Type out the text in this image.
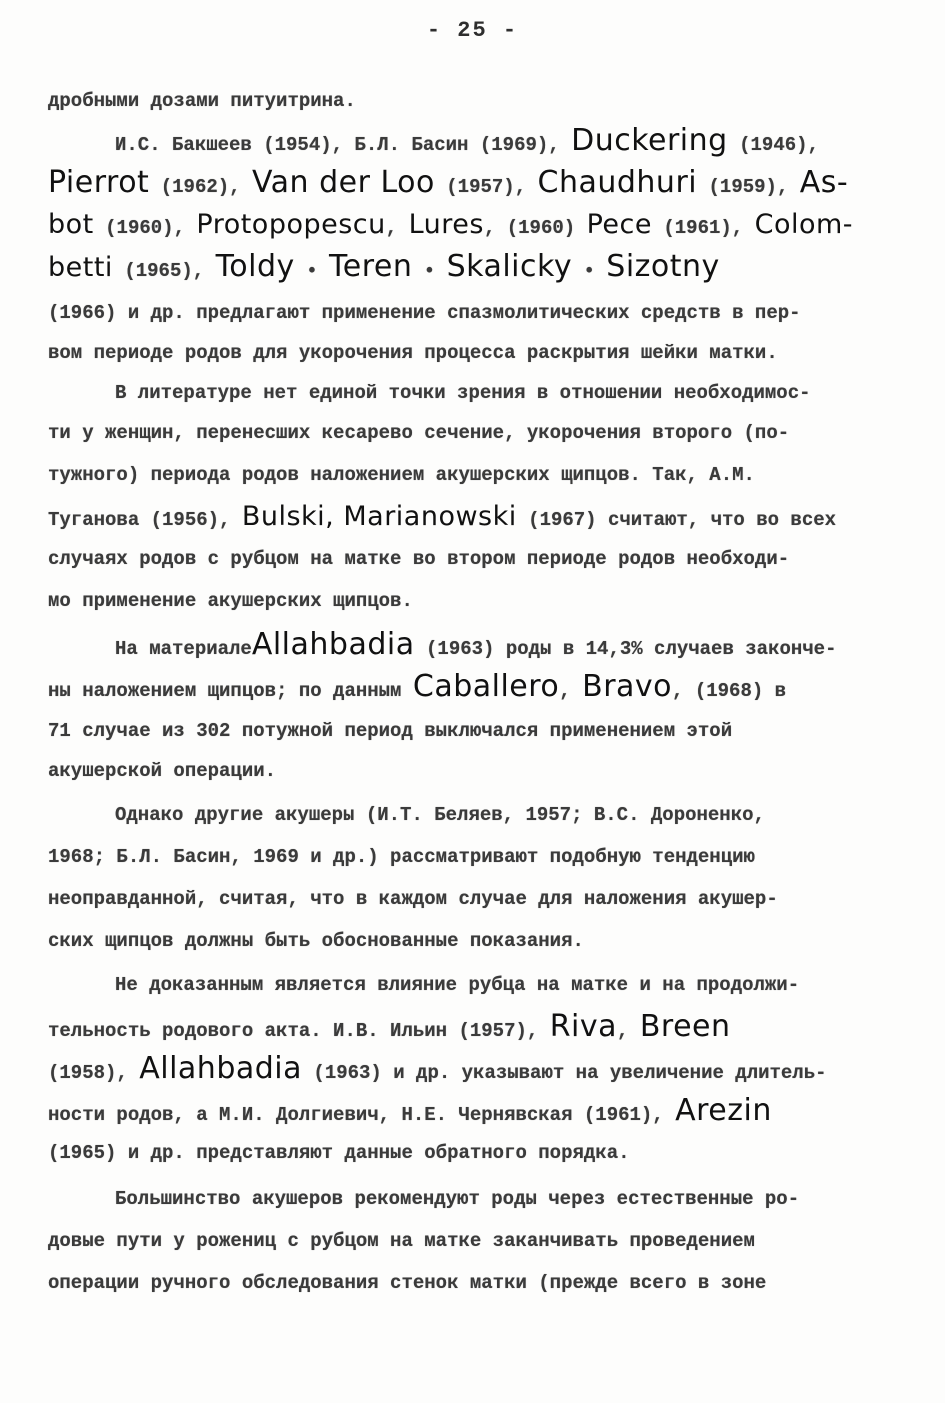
- 25 -
дробными дозами питуитрина.
И.С. Бакшеев (1954), Б.Л. Басин (1969), Duckering (1946),
Pierrot (1962), Van der Loo (1957), Chaudhuri (1959), As-
bot (1960), Protopopescu, Lures, (1960) Pece (1961), Colom-
betti (1965), Toldy • Teren • Skalicky • Sizotny
(1966) и др. предлагают применение спазмолитических средств в пер-
вом периоде родов для укорочения процесса раскрытия шейки матки.
В литературе нет единой точки зрения в отношении необходимос-
ти у женщин, перенесших кесарево сечение, укорочения второго (по-
тужного) периода родов наложением акушерских щипцов. Так, А.М.
Туганова (1956), Bulski, Marianowski (1967) считают, что во всех
случаях родов с рубцом на матке во втором периоде родов необходи-
мо применение акушерских щипцов.
На материалеAllahbadia (1963) роды в 14,3% случаев закончe-
ны наложением щипцов; по данным Caballero, Bravo, (1968) в
71 случае из 302 потужной период выключался применением этой
акушерской операции.
Однако другие акушеры (И.Т. Беляев, 1957; В.С. Дороненко,
1968; Б.Л. Басин, 1969 и др.) рассматривают подобную тенденцию
неоправданной, считая, что в каждом случае для наложения акушер-
ских щипцов должны быть обоснованные показания.
Не доказанным является влияние рубца на матке и на продолжи-
тельность родового акта. И.В. Ильин (1957), Riva, Breen
(1958), Allahbadia (1963) и др. указывают на увеличение длитель-
ности родов, а М.И. Долгиевич, Н.Е. Чернявская (1961), Arezin
(1965) и др. представляют данные обратного порядка.
Большинство акушеров рекомендуют роды через естественные ро-
довые пути у рожениц с рубцом на матке заканчивать проведением
операции ручного обследования стенок матки (прежде всего в зоне
дробными дозами питуитрина. И.С. Бакшеев (1954), Б.Л. Басин (1969), Duckering (1946), Pierrot (1962), Van der Loo (1957), Chaudhuri (1959), As- bot (1960), Protopopescu, Lures, (1960) Pece (1961), Colom- betti (1965), Toldy, Teren, Skalicky, Sizotny (1966) и др. предлагают применение спазмолитических средств в пер- вом периоде родов для укорочения процесса раскрытия шейки матки. В литературе нет единой точки зрения в отношении необходимос- ти у женщин, перенесших кесарево сечение, укорочения второго (по- тужного) периода родов наложением акушерских щипцов. Так, А.М. Туганова (1956), Bulski, Marianowski (1967) считают, что во всех случаях родов с рубцом на матке во втором периоде родов необходи- мо применение акушерских щипцов. На материале Allahbadia (1963) роды в 14,3% случаев закончe- ны наложением щипцов; по данным Caballero, Bravo, (1968) в 71 случае из 302 потужной период выключался применением этой акушерской операции. Однако другие акушеры (И.Т. Беляев, 1957; В.С. Дороненко, 1968; Б.Л. Басин, 1969 и др.) рассматривают подобную тенденцию неоправданной, считая, что в каждом случае для наложения акушер- ских щипцов должны быть обоснованные показания. Не доказанным является влияние рубца на матке и на продолжи- тельность родового акта. И.В. Ильин (1957), Riva, Breen (1958), Allahbadia (1963) и др. указывают на увеличение длитель- ности родов, а М.И. Долгиевич, Н.Е. Чернявская (1961), Arezin (1965) и др. представляют данные обратного порядка. Большинство акушеров рекомендуют роды через естественные ро- довые пути у рожениц с рубцом на матке заканчивать проведением операции ручного обследования стенок матки (прежде всего в зоне
